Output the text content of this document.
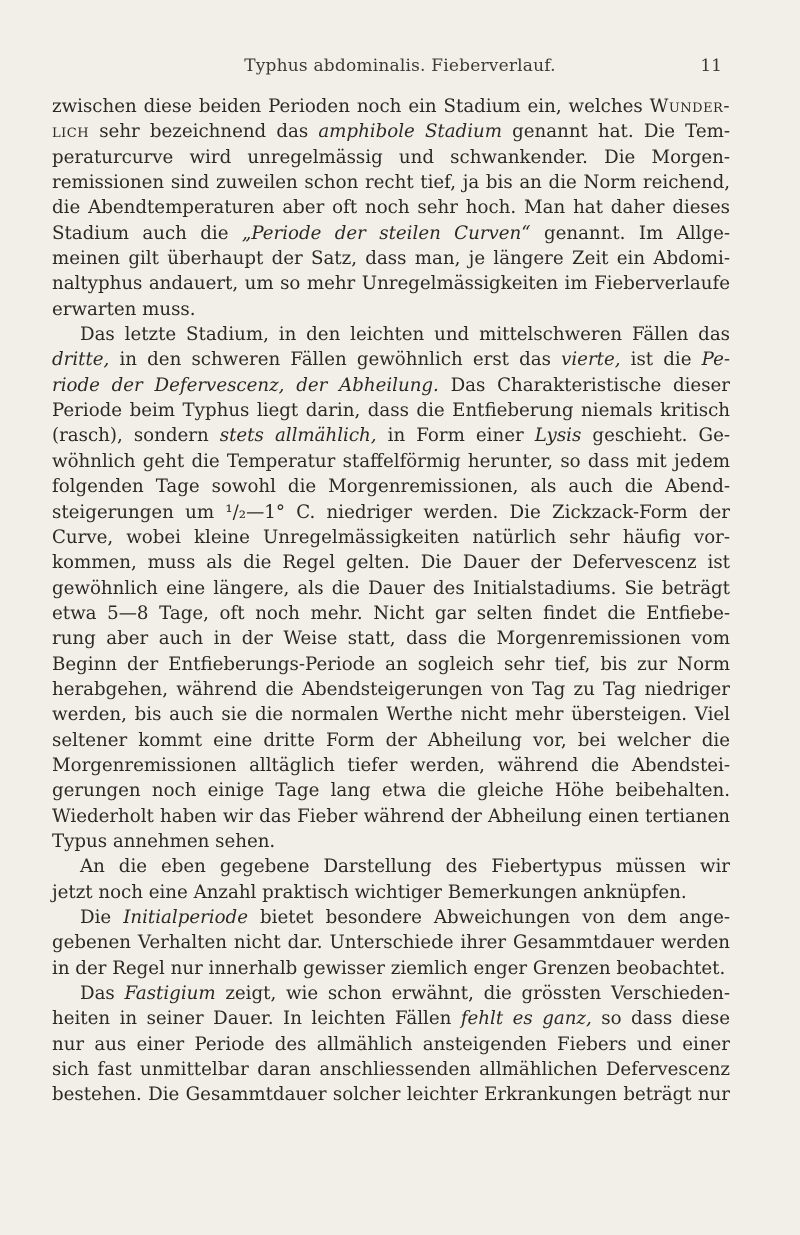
Typhus abdominalis. Fieberverlauf.	11
zwischen diese beiden Perioden noch ein Stadium ein, welches Wunder-
lich sehr bezeichnend das amphibole Stadium genannt hat. Die Tem-
peraturcurve wird unregelmässig und schwankender. Die Morgen-
remissionen sind zuweilen schon recht tief, ja bis an die Norm reichend,
die Abendtemperaturen aber oft noch sehr hoch. Man hat daher dieses
Stadium auch die „Periode der steilen Curven“ genannt. Im Allge-
meinen gilt überhaupt der Satz, dass man, je längere Zeit ein Abdomi-
naltyphus andauert, um so mehr Unregelmässigkeiten im Fieberverlaufe
erwarten muss.
Das letzte Stadium, in den leichten und mittelschweren Fällen das
dritte, in den schweren Fällen gewöhnlich erst das vierte, ist die Pe-
riode der Defervescenz, der Abheilung. Das Charakteristische dieser
Periode beim Typhus liegt darin, dass die Entfieberung niemals kritisch
(rasch), sondern stets allmählich, in Form einer Lysis geschieht. Ge-
wöhnlich geht die Temperatur staffelförmig herunter, so dass mit jedem
folgenden Tage sowohl die Morgenremissionen, als auch die Abend-
steigerungen um ¹/₂—1° C. niedriger werden. Die Zickzack-Form der
Curve, wobei kleine Unregelmässigkeiten natürlich sehr häufig vor-
kommen, muss als die Regel gelten. Die Dauer der Defervescenz ist
gewöhnlich eine längere, als die Dauer des Initialstadiums. Sie beträgt
etwa 5—8 Tage, oft noch mehr. Nicht gar selten findet die Entfiebe-
rung aber auch in der Weise statt, dass die Morgenremissionen vom
Beginn der Entfieberungs-Periode an sogleich sehr tief, bis zur Norm
herabgehen, während die Abendsteigerungen von Tag zu Tag niedriger
werden, bis auch sie die normalen Werthe nicht mehr übersteigen. Viel
seltener kommt eine dritte Form der Abheilung vor, bei welcher die
Morgenremissionen alltäglich tiefer werden, während die Abendstei-
gerungen noch einige Tage lang etwa die gleiche Höhe beibehalten.
Wiederholt haben wir das Fieber während der Abheilung einen tertianen
Typus annehmen sehen.
An die eben gegebene Darstellung des Fiebertypus müssen wir
jetzt noch eine Anzahl praktisch wichtiger Bemerkungen anknüpfen.
Die Initialperiode bietet besondere Abweichungen von dem ange-
gebenen Verhalten nicht dar. Unterschiede ihrer Gesammtdauer werden
in der Regel nur innerhalb gewisser ziemlich enger Grenzen beobachtet.
Das Fastigium zeigt, wie schon erwähnt, die grössten Verschieden-
heiten in seiner Dauer. In leichten Fällen fehlt es ganz, so dass diese
nur aus einer Periode des allmählich ansteigenden Fiebers und einer
sich fast unmittelbar daran anschliessenden allmählichen Defervescenz
bestehen. Die Gesammtdauer solcher leichter Erkrankungen beträgt nur
